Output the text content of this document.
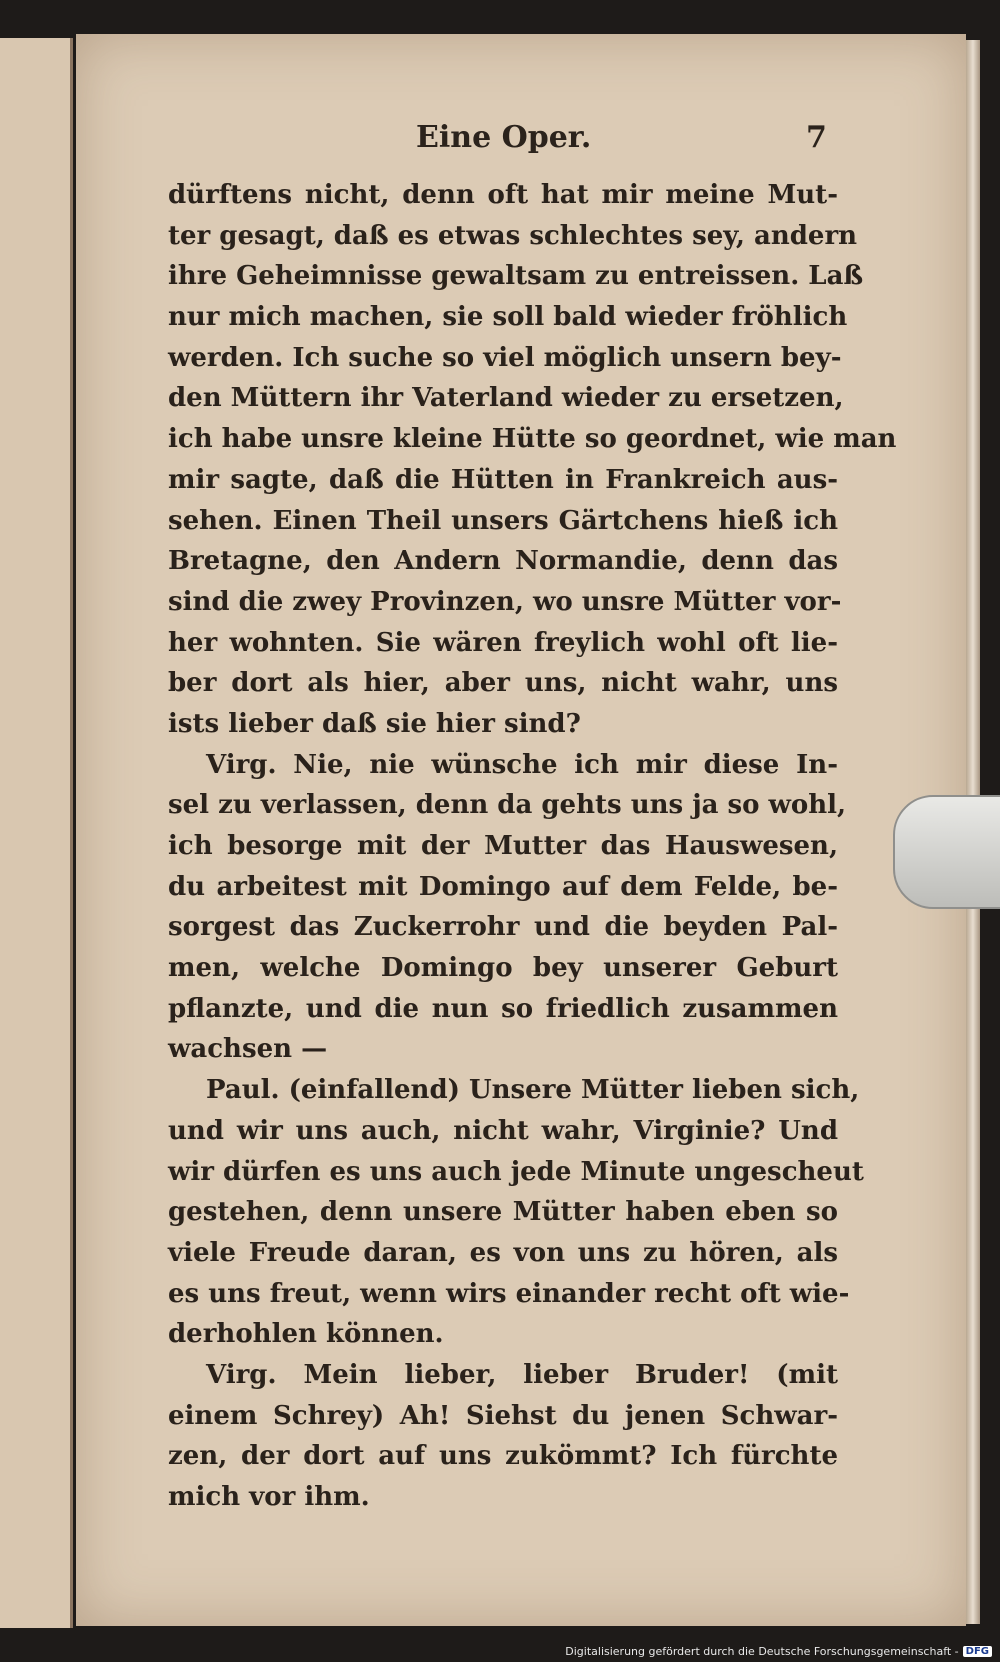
Eine Oper.	7
dürftens nicht, denn oft hat mir meine Mut-
ter gesagt, daß es etwas schlechtes sey, andern
ihre Geheimnisse gewaltsam zu entreissen. Laß
nur mich machen, sie soll bald wieder fröhlich
werden. Ich suche so viel möglich unsern bey-
den Müttern ihr Vaterland wieder zu ersetzen,
ich habe unsre kleine Hütte so geordnet, wie man
mir sagte, daß die Hütten in Frankreich aus-
sehen. Einen Theil unsers Gärtchens hieß ich
Bretagne, den Andern Normandie, denn das
sind die zwey Provinzen, wo unsre Mütter vor-
her wohnten. Sie wären freylich wohl oft lie-
ber dort als hier, aber uns, nicht wahr, uns
ists lieber daß sie hier sind?
Virg. Nie, nie wünsche ich mir diese In-
sel zu verlassen, denn da gehts uns ja so wohl,
ich besorge mit der Mutter das Hauswesen,
du arbeitest mit Domingo auf dem Felde, be-
sorgest das Zuckerrohr und die beyden Pal-
men, welche Domingo bey unserer Geburt
pflanzte, und die nun so friedlich zusammen
wachsen —
Paul. (einfallend) Unsere Mütter lieben sich,
und wir uns auch, nicht wahr, Virginie? Und
wir dürfen es uns auch jede Minute ungescheut
gestehen, denn unsere Mütter haben eben so
viele Freude daran, es von uns zu hören, als
es uns freut, wenn wirs einander recht oft wie-
derhohlen können.
Virg. Mein lieber, lieber Bruder! (mit
einem Schrey) Ah! Siehst du jenen Schwar-
zen, der dort auf uns zukömmt? Ich fürchte
mich vor ihm.
Digitalisierung gefördert durch die Deutsche Forschungsgemeinschaft - DFG
